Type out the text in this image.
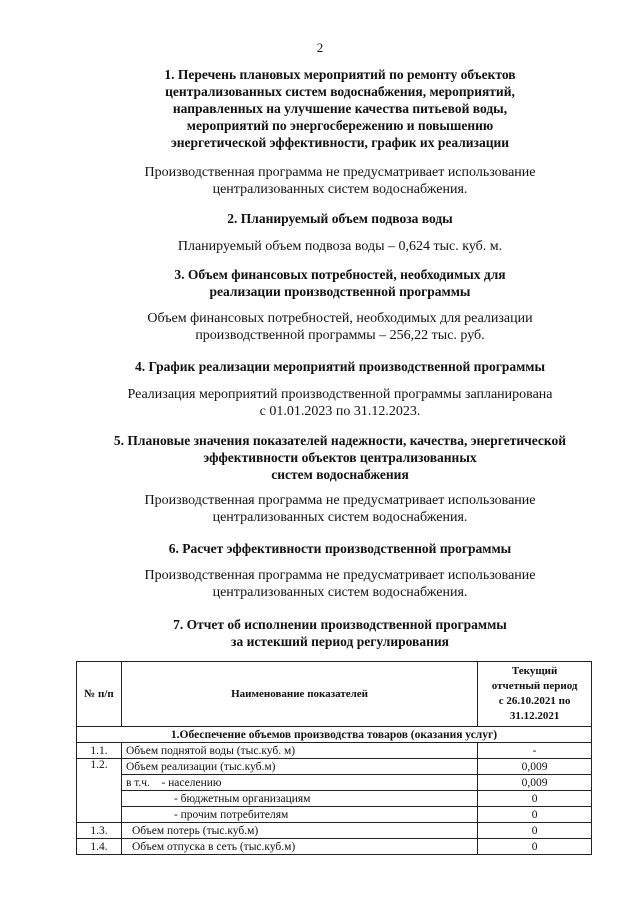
2
1. Перечень плановых мероприятий по ремонту объектов
централизованных систем водоснабжения, мероприятий,
направленных на улучшение качества питьевой воды,
мероприятий по энергосбережению и повышению
энергетической эффективности, график их реализации
Производственная программа не предусматривает использование
централизованных систем водоснабжения.
2. Планируемый объем подвоза воды
Планируемый объем подвоза воды – 0,624 тыс. куб. м.
3. Объем финансовых потребностей, необходимых для
реализации производственной программы
Объем финансовых потребностей, необходимых для реализации
производственной программы – 256,22 тыс. руб.
4. График реализации мероприятий производственной программы
Реализация мероприятий производственной программы запланирована
с 01.01.2023 по 31.12.2023.
5. Плановые значения показателей надежности, качества, энергетической
эффективности объектов централизованных
систем водоснабжения
Производственная программа не предусматривает использование
централизованных систем водоснабжения.
6. Расчет эффективности производственной программы
Производственная программа не предусматривает использование
централизованных систем водоснабжения.
7. Отчет об исполнении производственной программы
за истекший период регулирования
№ п/п	Наименование показателей	Текущий
отчетный период
с 26.10.2021 по
31.12.2021

1.Обеспечение объемов производства товаров (оказания услуг)		
1.1.	Объем поднятой воды (тыс.куб. м)	-
1.2.	Объем реализации (тыс.куб.м)	0,009
	в т.ч. - населению	0,009
	- бюджетным организациям	0
	- прочим потребителям	0
1.3.	Объем потерь (тыс.куб.м)	0
1.4.	Объем отпуска в сеть (тыс.куб.м)	0
